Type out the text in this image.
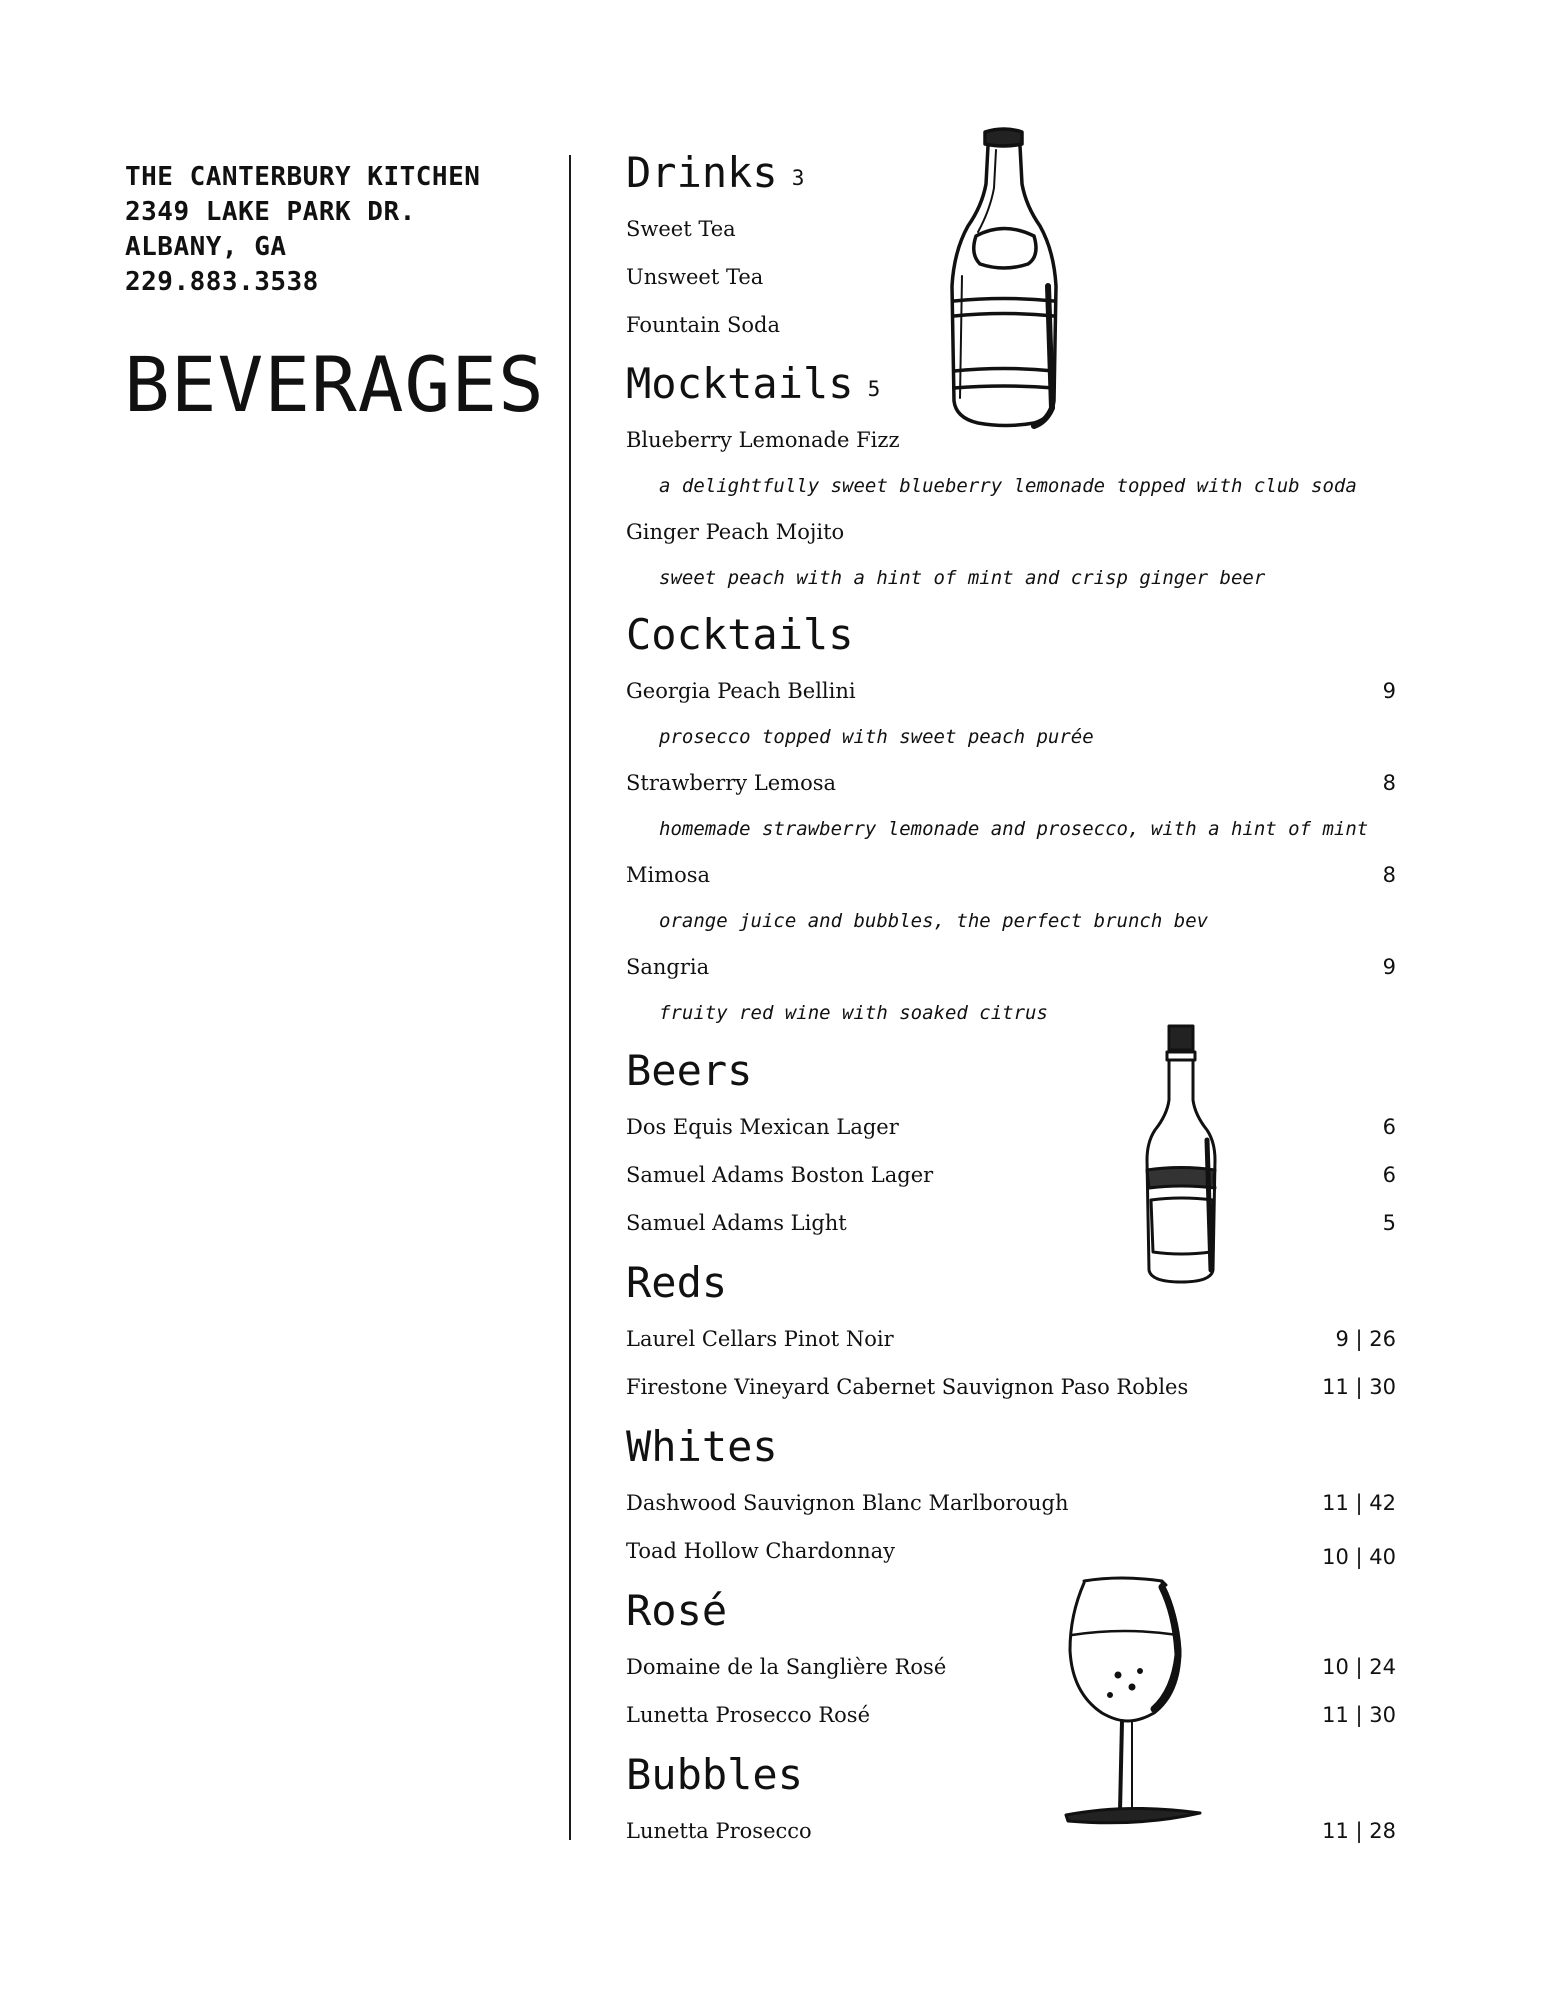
THE CANTERBURY KITCHEN
2349 LAKE PARK DR.
ALBANY, GA
229.883.3538
BEVERAGES
Drinks 3
Sweet Tea
Unsweet Tea
Fountain Soda
Mocktails 5
Blueberry Lemonade Fizz
a delightfully sweet blueberry lemonade topped with club soda
Ginger Peach Mojito
sweet peach with a hint of mint and crisp ginger beer
Cocktails
Georgia Peach Bellini	9
prosecco topped with sweet peach purée
Strawberry Lemosa	8
homemade strawberry lemonade and prosecco, with a hint of mint
Mimosa	8
orange juice and bubbles, the perfect brunch bev
Sangria	9
fruity red wine with soaked citrus
Beers
Dos Equis Mexican Lager	6
Samuel Adams Boston Lager	6
Samuel Adams Light	5
Reds
Laurel Cellars Pinot Noir	9 | 26
Firestone Vineyard Cabernet Sauvignon Paso Robles	11 | 30
Whites
Dashwood Sauvignon Blanc Marlborough	11 | 42
Toad Hollow Chardonnay	10 | 40
Rosé
Domaine de la Sanglière Rosé	10 | 24
Lunetta Prosecco Rosé	11 | 30
Bubbles
Lunetta Prosecco	11 | 28
